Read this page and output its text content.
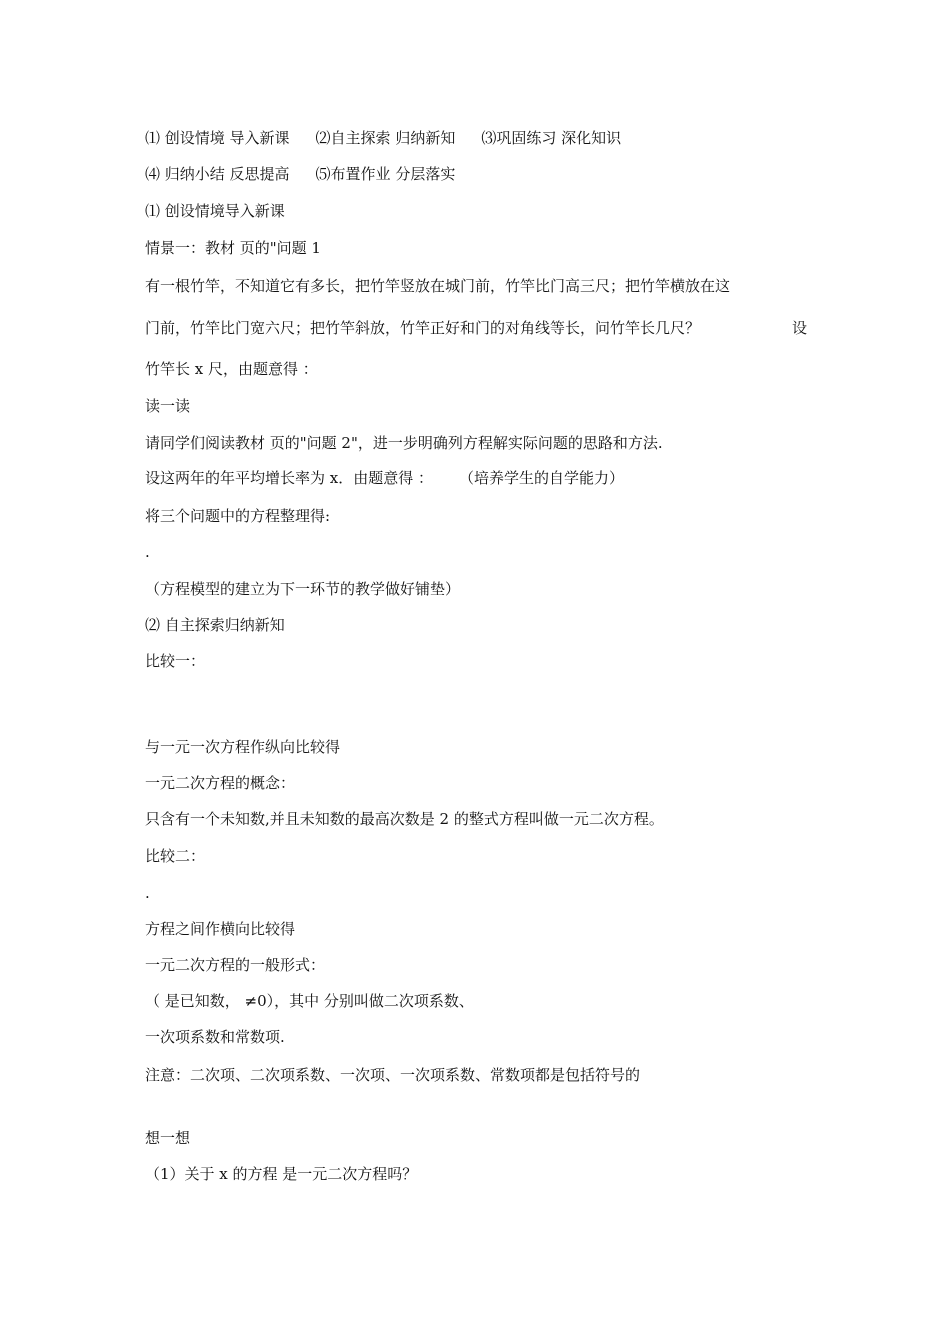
⑴ 创设情境 导入新课 ⑵自主探索 归纳新知 ⑶巩固练习 深化知识
⑷ 归纳小结 反思提高 ⑸布置作业 分层落实
⑴ 创设情境导入新课
情景一：教材 页的"问题 1
有一根竹竿，不知道它有多长，把竹竿竖放在城门前，竹竿比门高三尺；把竹竿横放在这
门前，竹竿比门宽六尺；把竹竿斜放，竹竿正好和门的对角线等长，问竹竿长几尺？	设
竹竿长 x 尺，由题意得 ：
读一读
请同学们阅读教材 页的"问题 2"，进一步明确列方程解实际问题的思路和方法.
设这两年的年平均增长率为 x．由题意得 ： （培养学生的自学能力）
将三个问题中的方程整理得:
.
（方程模型的建立为下一环节的教学做好铺垫）
⑵ 自主探索归纳新知
比较一：
与一元一次方程作纵向比较得
一元二次方程的概念：
只含有一个未知数,并且未知数的最高次数是 2 的整式方程叫做一元二次方程。
比较二：
.
方程之间作横向比较得
一元二次方程的一般形式：
（ 是已知数， ≠0），其中 分别叫做二次项系数、
一次项系数和常数项.
注意：二次项、二次项系数、一次项、一次项系数、常数项都是包括符号的
想一想
（1）关于 x 的方程 是一元二次方程吗？
